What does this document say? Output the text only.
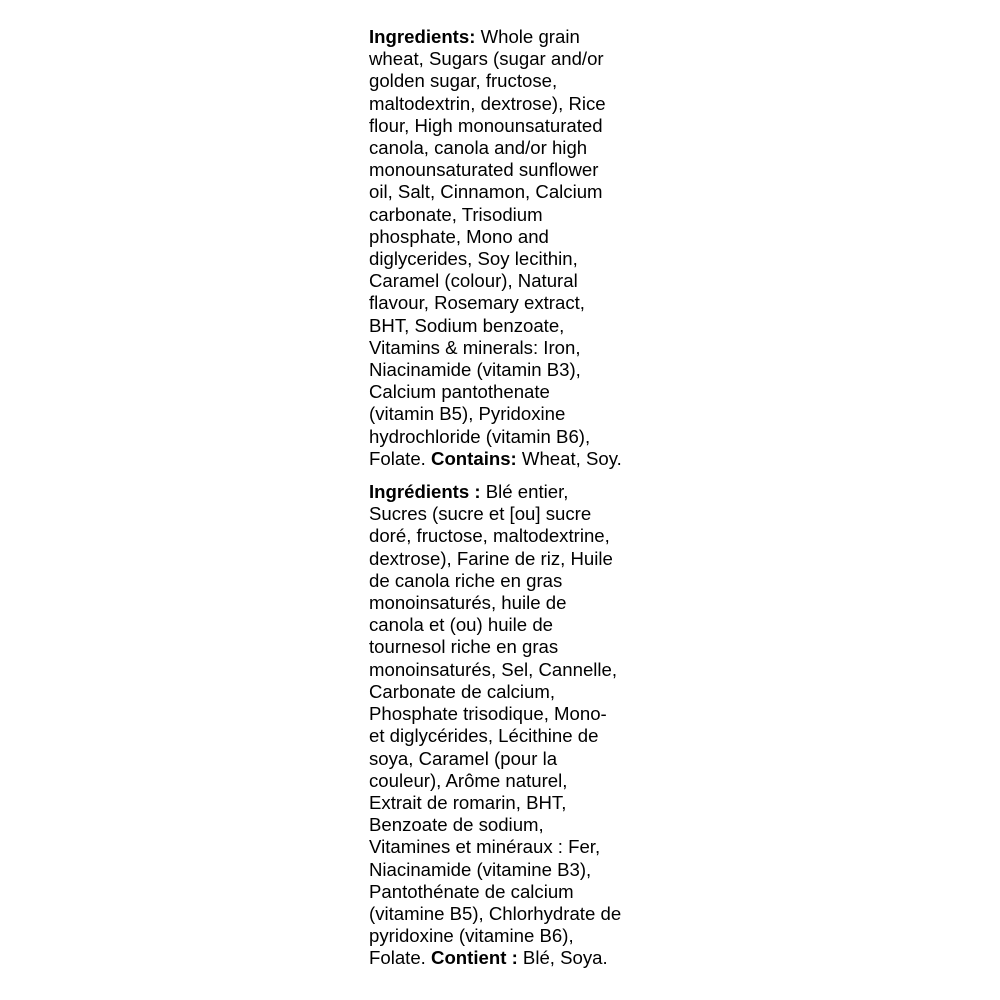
Ingredients: Whole grain
wheat, Sugars (sugar and/or
golden sugar, fructose,
maltodextrin, dextrose), Rice
flour, High monounsaturated
canola, canola and/or high
monounsaturated sunflower
oil, Salt, Cinnamon, Calcium
carbonate, Trisodium
phosphate, Mono and
diglycerides, Soy lecithin,
Caramel (colour), Natural
flavour, Rosemary extract,
BHT, Sodium benzoate,
Vitamins & minerals: Iron,
Niacinamide (vitamin B3),
Calcium pantothenate
(vitamin B5), Pyridoxine
hydrochloride (vitamin B6),
Folate. Contains: Wheat, Soy.

Ingrédients : Blé entier,
Sucres (sucre et [ou] sucre
doré, fructose, maltodextrine,
dextrose), Farine de riz, Huile
de canola riche en gras
monoinsaturés, huile de
canola et (ou) huile de
tournesol riche en gras
monoinsaturés, Sel, Cannelle,
Carbonate de calcium,
Phosphate trisodique, Mono-
et diglycérides, Lécithine de
soya, Caramel (pour la
couleur), Arôme naturel,
Extrait de romarin, BHT,
Benzoate de sodium,
Vitamines et minéraux : Fer,
Niacinamide (vitamine B3),
Pantothénate de calcium
(vitamine B5), Chlorhydrate de
pyridoxine (vitamine B6),
Folate. Contient : Blé, Soya.
